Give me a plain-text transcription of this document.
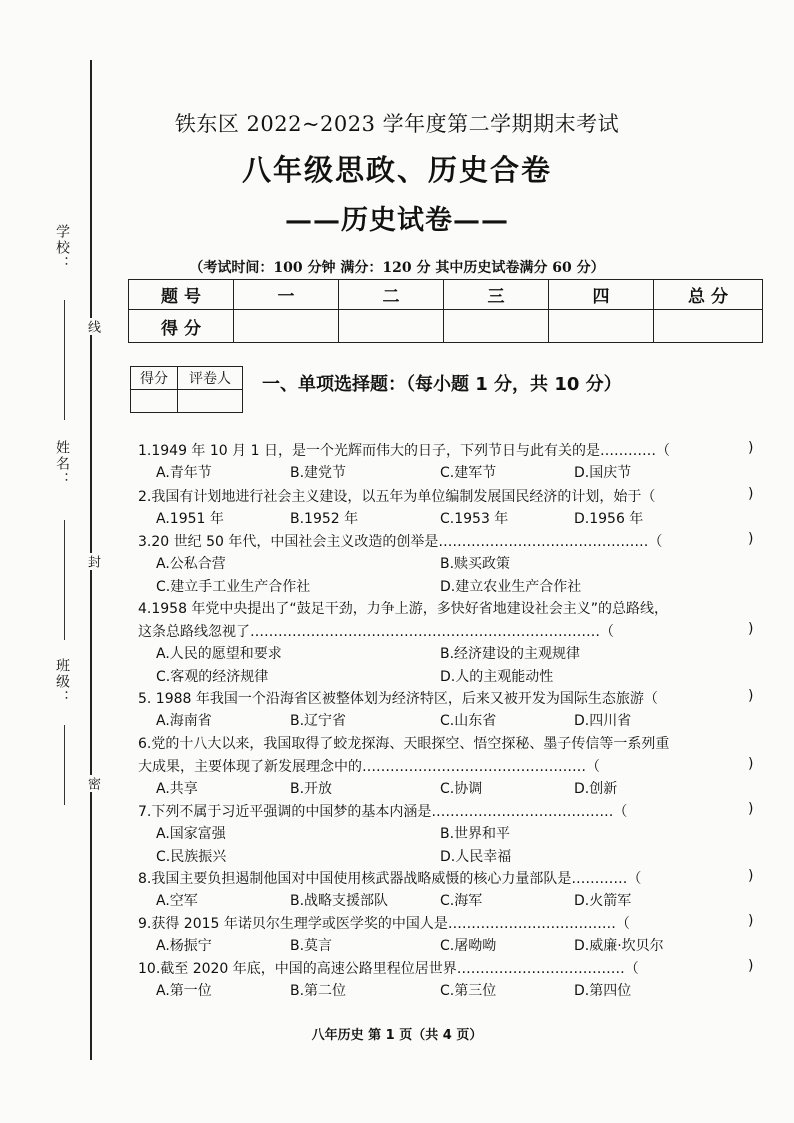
学校：
姓名：
班级：
线
封
密
铁东区 2022~2023 学年度第二学期期末考试
八年级思政、历史合卷
——历史试卷——
（考试时间：100 分钟 满分：120 分 其中历史试卷满分 60 分）
题 号	一	二	三	四	总 分
得 分					
得分	评卷人
	一、单项选择题：（每小题 1 分，共 10 分）
1.1949 年 10 月 1 日，是一个光辉而伟大的日子，下列节日与此有关的是…………（	)
A.青年节	B.建党节	C.建军节	D.国庆节
2.我国有计划地进行社会主义建设，以五年为单位编制发展国民经济的计划，始于（	)
A.1951 年	B.1952 年	C.1953 年	D.1956 年
3.20 世纪 50 年代，中国社会主义改造的创举是………………………………………（	)
A.公私合营	B.赎买政策
C.建立手工业生产合作社	D.建立农业生产合作社
4.1958 年党中央提出了“鼓足干劲，力争上游，多快好省地建设社会主义”的总路线，
这条总路线忽视了…………………………………………………………………（	)
A.人民的愿望和要求	B.经济建设的主观规律
C.客观的经济规律	D.人的主观能动性
5. 1988 年我国一个沿海省区被整体划为经济特区，后来又被开发为国际生态旅游（	)
A.海南省	B.辽宁省	C.山东省	D.四川省
6.党的十八大以来，我国取得了蛟龙探海、天眼探空、悟空探秘、墨子传信等一系列重
大成果，主要体现了新发展理念中的…………………………………………（	)
A.共享	B.开放	C.协调	D.创新
7.下列不属于习近平强调的中国梦的基本内涵是…………………………………（	)
A.国家富强	B.世界和平
C.民族振兴	D.人民幸福
8.我国主要负担遏制他国对中国使用核武器战略威慑的核心力量部队是…………（	)
A.空军	B.战略支援部队	C.海军	D.火箭军
9.获得 2015 年诺贝尔生理学或医学奖的中国人是………………………………（	)
A.杨振宁	B.莫言	C.屠呦呦	D.威廉·坎贝尔
10.截至 2020 年底，中国的高速公路里程位居世界………………………………（	)
A.第一位	B.第二位	C.第三位	D.第四位
八年历史 第 1 页（共 4 页）
